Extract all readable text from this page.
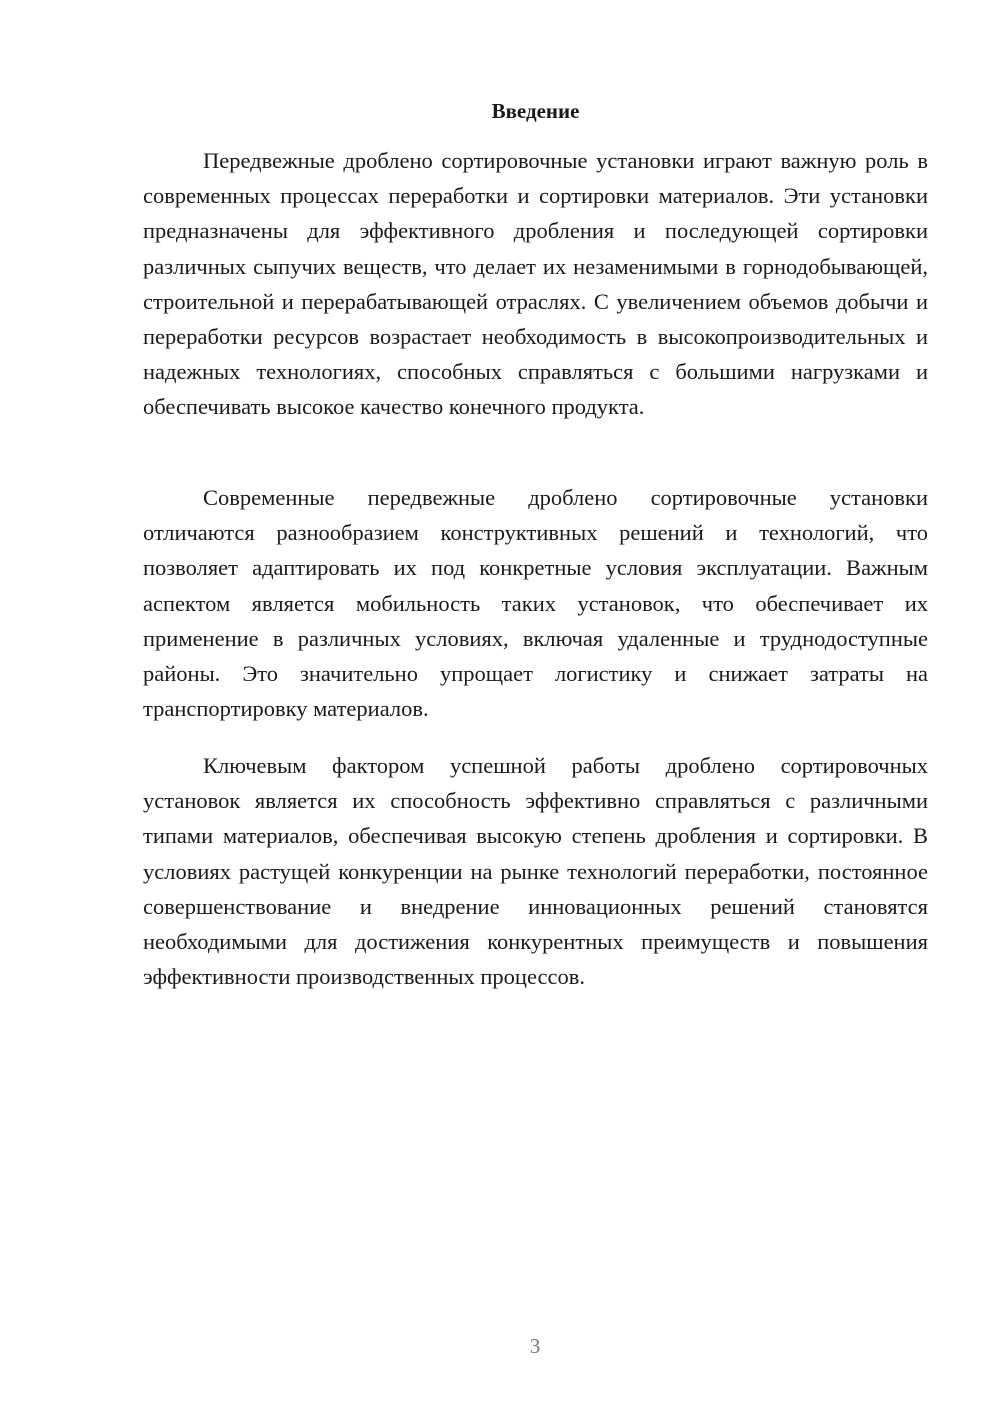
Введение

Передвежные дроблено сортировочные установки играют важную роль в современных процессах переработки и сортировки материалов. Эти установки предназначены для эффективного дробления и последующей сортировки различных сыпучих веществ, что делает их незаменимыми в горнодобывающей, строительной и перерабатывающей отраслях. С увеличением объемов добычи и переработки ресурсов возрастает необходимость в высокопроизводительных и надежных технологиях, способных справляться с большими нагрузками и обеспечивать высокое качество конечного продукта.

Современные передвежные дроблено сортировочные установки отличаются разнообразием конструктивных решений и технологий, что позволяет адаптировать их под конкретные условия эксплуатации. Важным аспектом является мобильность таких установок, что обеспечивает их применение в различных условиях, включая удаленные и труднодоступные районы. Это значительно упрощает логистику и снижает затраты на транспортировку материалов.

Ключевым фактором успешной работы дроблено сортировочных установок является их способность эффективно справляться с различными типами материалов, обеспечивая высокую степень дробления и сортировки. В условиях растущей конкуренции на рынке технологий переработки, постоянное совершенствование и внедрение инновационных решений становятся необходимыми для достижения конкурентных преимуществ и повышения эффективности производственных процессов.

3
